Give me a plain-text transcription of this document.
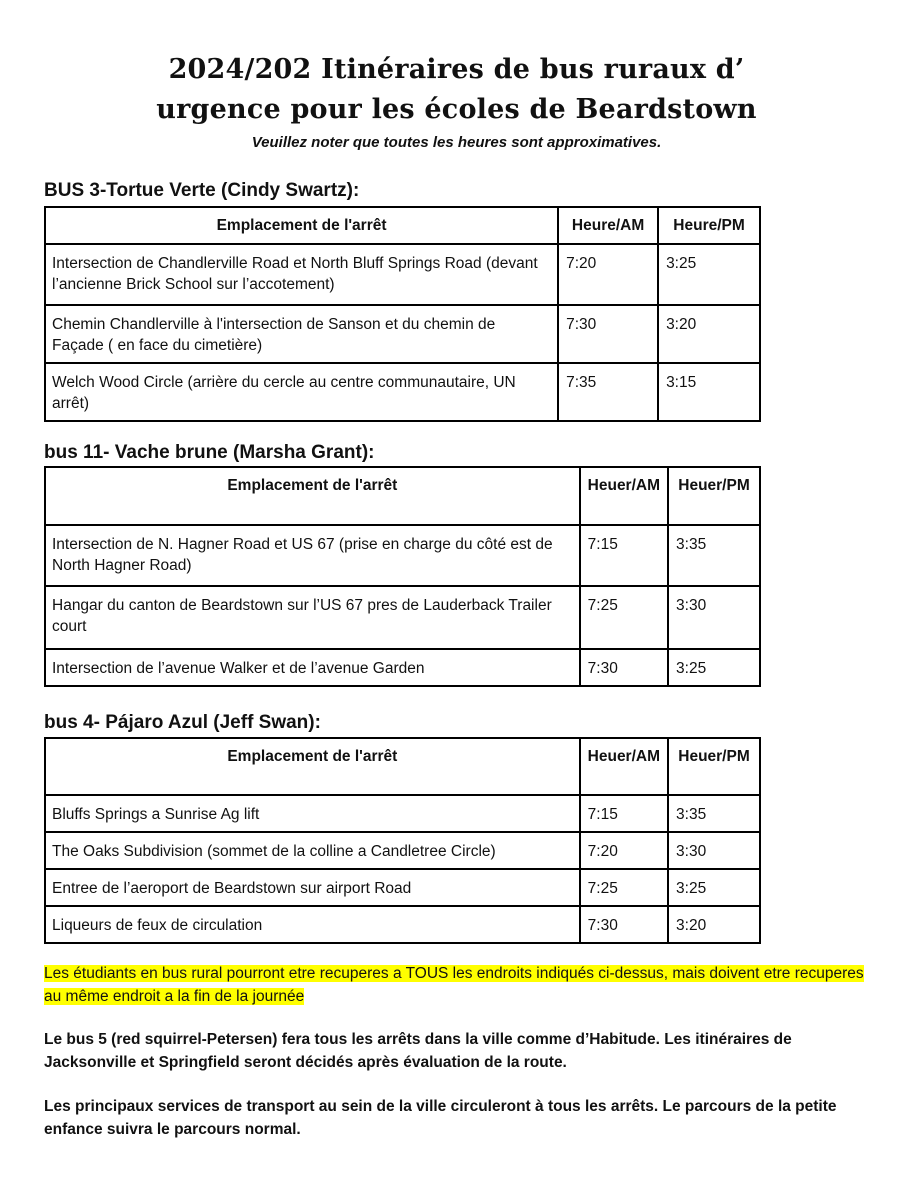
2024/202 Itinéraires de bus ruraux d’
urgence pour les écoles de Beardstown
Veuillez noter que toutes les heures sont approximatives.
BUS 3-Tortue Verte (Cindy Swartz):
Emplacement de l'arrêt	Heure/AM	Heure/PM
Intersection de Chandlerville Road et North Bluff Springs Road (devant l’ancienne Brick School sur l’accotement)	7:20	3:25
Chemin Chandlerville à l'intersection de Sanson et du chemin de Façade ( en face du cimetière)	7:30	3:20
Welch Wood Circle (arrière du cercle au centre communautaire, UN arrêt)	7:35	3:15
bus 11- Vache brune (Marsha Grant):
Emplacement de l'arrêt	Heuer/AM	Heuer/PM
Intersection de N. Hagner Road et US 67 (prise en charge du côté est de North Hagner Road)	7:15	3:35
Hangar du canton de Beardstown sur l’US 67 pres de Lauderback Trailer court	7:25	3:30
Intersection de l’avenue Walker et de l’avenue Garden	7:30	3:25
bus 4- Pájaro Azul (Jeff Swan):
Emplacement de l'arrêt	Heuer/AM	Heuer/PM
Bluffs Springs a Sunrise Ag lift	7:15	3:35
The Oaks Subdivision (sommet de la colline a Candletree Circle)	7:20	3:30
Entree de l’aeroport de Beardstown sur airport Road	7:25	3:25
Liqueurs de feux de circulation	7:30	3:20
Les étudiants en bus rural pourront etre recuperes a TOUS les endroits indiqués ci-dessus, mais doivent etre recuperes au même endroit a la fin de la journée
Le bus 5 (red squirrel-Petersen) fera tous les arrêts dans la ville comme d’Habitude. Les itinéraires de Jacksonville et Springfield seront décidés après évaluation de la route.
Les principaux services de transport au sein de la ville circuleront à tous les arrêts. Le parcours de la petite enfance suivra le parcours normal.
